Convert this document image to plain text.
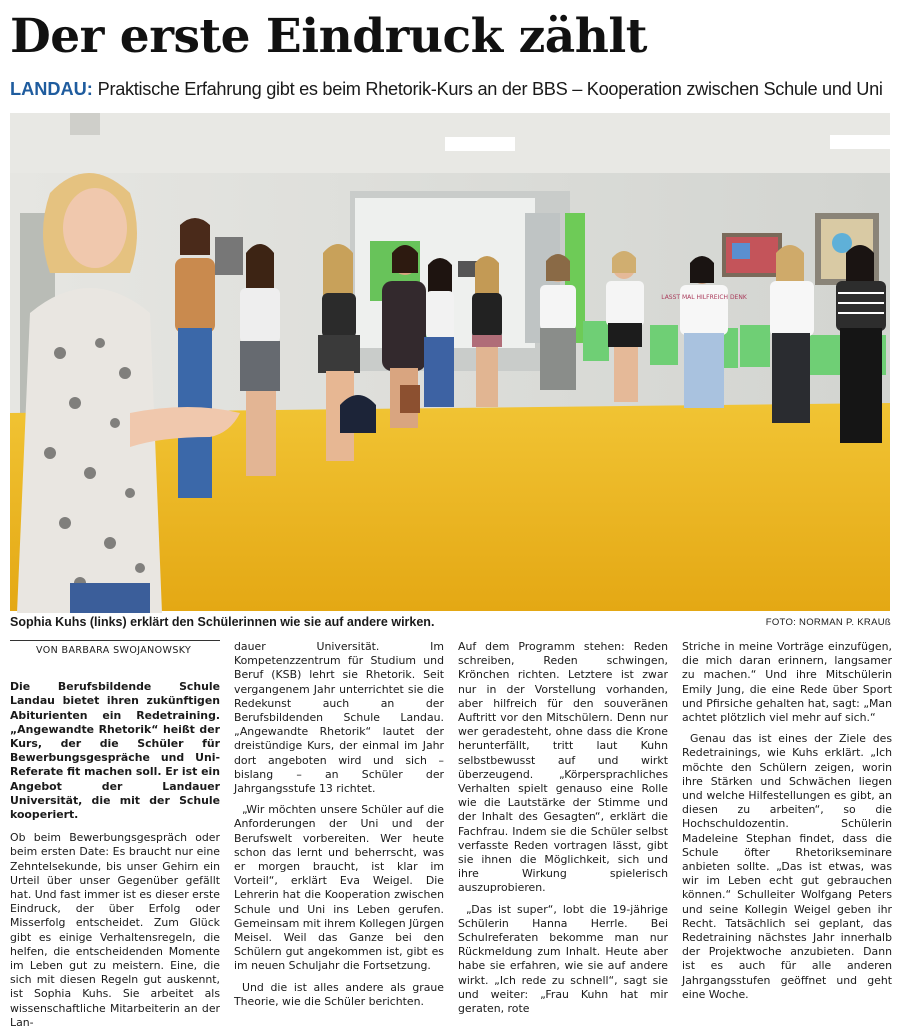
Der erste Eindruck zählt
LANDAU: Praktische Erfahrung gibt es beim Rhetorik-Kurs an der BBS – Kooperation zwischen Schule und Uni
LASST MAL HILFREICH DENK
Sophia Kuhs (links) erklärt den Schülerinnen wie sie auf andere wirken.	FOTO: NORMAN P. KRAUß
VON BARBARA SWOJANOWSKY

Die Berufsbildende Schule Landau bietet ihren zukünftigen Abiturienten ein Redetraining. „Angewandte Rhetorik“ heißt der Kurs, der die Schüler für Bewerbungsgespräche und Uni-Referate fit machen soll. Er ist ein Angebot der Landauer Universität, die mit der Schule kooperiert.

Ob beim Bewerbungsgespräch oder beim ersten Date: Es braucht nur eine Zehntelsekunde, bis unser Gehirn ein Urteil über unser Gegenüber gefällt hat. Und fast immer ist es dieser erste Eindruck, der über Erfolg oder Misserfolg entscheidet. Zum Glück gibt es einige Verhaltensregeln, die helfen, die entscheidenden Momente im Leben gut zu meistern. Eine, die sich mit diesen Regeln gut auskennt, ist Sophia Kuhs. Sie arbeitet als wissenschaftliche Mitarbeiterin an der Lan-

dauer Universität. Im Kompetenzzentrum für Studium und Beruf (KSB) lehrt sie Rhetorik. Seit vergangenem Jahr unterrichtet sie die Redekunst auch an der Berufsbildenden Schule Landau. „Angewandte Rhetorik“ lautet der dreistündige Kurs, der einmal im Jahr dort angeboten wird und sich – bislang – an Schüler der Jahrgangsstufe 13 richtet.

„Wir möchten unsere Schüler auf die Anforderungen der Uni und der Berufswelt vorbereiten. Wer heute schon das lernt und beherrscht, was er morgen braucht, ist klar im Vorteil“, erklärt Eva Weigel. Die Lehrerin hat die Kooperation zwischen Schule und Uni ins Leben gerufen. Gemeinsam mit ihrem Kollegen Jürgen Meisel. Weil das Ganze bei den Schülern gut angekommen ist, gibt es im neuen Schuljahr die Fortsetzung.

Und die ist alles andere als graue Theorie, wie die Schüler berichten.

Auf dem Programm stehen: Reden schreiben, Reden schwingen, Krönchen richten. Letztere ist zwar nur in der Vorstellung vorhanden, aber hilfreich für den souveränen Auftritt vor den Mitschülern. Denn nur wer geradesteht, ohne dass die Krone herunterfällt, tritt laut Kuhn selbstbewusst auf und wirkt überzeugend. „Körpersprachliches Verhalten spielt genauso eine Rolle wie die Lautstärke der Stimme und der Inhalt des Gesagten“, erklärt die Fachfrau. Indem sie die Schüler selbst verfasste Reden vortragen lässt, gibt sie ihnen die Möglichkeit, sich und ihre Wirkung spielerisch auszuprobieren.

„Das ist super“, lobt die 19-jährige Schülerin Hanna Herrle. Bei Schulreferaten bekomme man nur Rückmeldung zum Inhalt. Heute aber habe sie erfahren, wie sie auf andere wirkt. „Ich rede zu schnell“, sagt sie und weiter: „Frau Kuhn hat mir geraten, rote

Striche in meine Vorträge einzufügen, die mich daran erinnern, langsamer zu machen.“ Und ihre Mitschülerin Emily Jung, die eine Rede über Sport und Pfirsiche gehalten hat, sagt: „Man achtet plötzlich viel mehr auf sich.“

Genau das ist eines der Ziele des Redetrainings, wie Kuhs erklärt. „Ich möchte den Schülern zeigen, worin ihre Stärken und Schwächen liegen und welche Hilfestellungen es gibt, an diesen zu arbeiten“, so die Hochschuldozentin. Schülerin Madeleine Stephan findet, dass die Schule öfter Rhetorikseminare anbieten sollte. „Das ist etwas, was wir im Leben echt gut gebrauchen können.“ Schulleiter Wolfgang Peters und seine Kollegin Weigel geben ihr Recht. Tatsächlich sei geplant, das Redetraining nächstes Jahr innerhalb der Projektwoche anzubieten. Dann ist es auch für alle anderen Jahrgangsstufen geöffnet und geht eine Woche.
